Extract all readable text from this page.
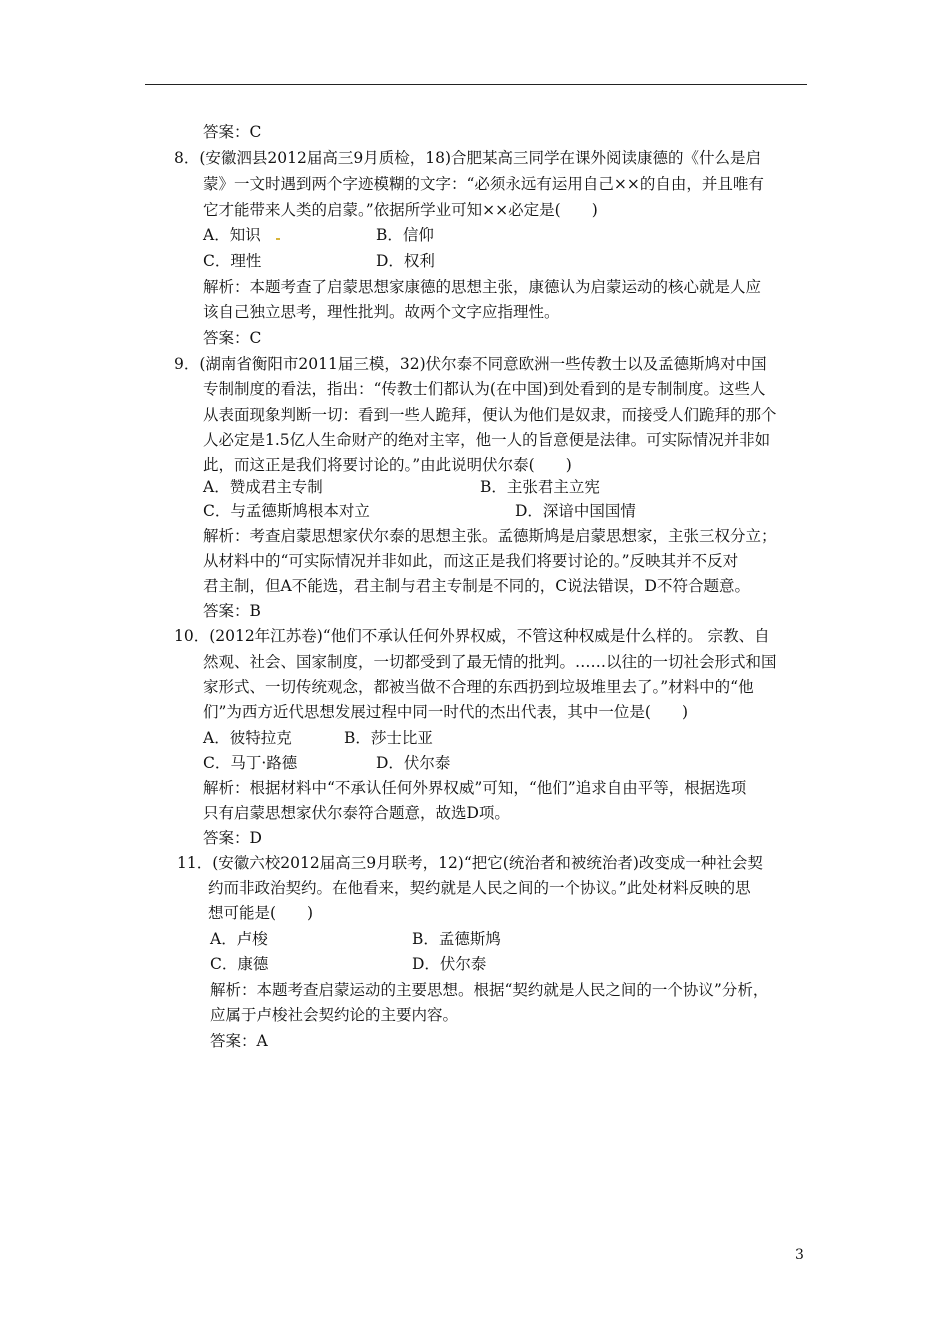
答案：C
8．(安徽泗县2012届高三9月质检，18)合肥某高三同学在课外阅读康德的《什么是启
蒙》一文时遇到两个字迹模糊的文字：“必须永远有运用自己××的自由，并且唯有
它才能带来人类的启蒙。”依据所学业可知××必定是(　　)
A．知识	B．信仰
C．理性	D．权利
解析：本题考查了启蒙思想家康德的思想主张，康德认为启蒙运动的核心就是人应
该自己独立思考，理性批判。故两个文字应指理性。
答案：C
9．(湖南省衡阳市2011届三模，32)伏尔泰不同意欧洲一些传教士以及孟德斯鸠对中国
专制制度的看法，指出：“传教士们都认为(在中国)到处看到的是专制制度。这些人
从表面现象判断一切：看到一些人跪拜，便认为他们是奴隶，而接受人们跪拜的那个
人必定是1.5亿人生命财产的绝对主宰，他一人的旨意便是法律。可实际情况并非如
此，而这正是我们将要讨论的。”由此说明伏尔泰(　　)
A．赞成君主专制	B．主张君主立宪
C．与孟德斯鸠根本对立	D．深谙中国国情
解析：考查启蒙思想家伏尔泰的思想主张。孟德斯鸠是启蒙思想家，主张三权分立；
从材料中的“可实际情况并非如此，而这正是我们将要讨论的。”反映其并不反对
君主制，但A不能选，君主制与君主专制是不同的，C说法错误，D不符合题意。
答案：B
10．(2012年江苏卷)“他们不承认任何外界权威，不管这种权威是什么样的。 宗教、自
然观、社会、国家制度，一切都受到了最无情的批判。……以往的一切社会形式和国
家形式、一切传统观念，都被当做不合理的东西扔到垃圾堆里去了。”材料中的“他
们”为西方近代思想发展过程中同一时代的杰出代表，其中一位是(　　)
A．彼特拉克	B．莎士比亚
C．马丁·路德	D．伏尔泰
解析：根据材料中“不承认任何外界权威”可知，“他们”追求自由平等，根据选项
只有启蒙思想家伏尔泰符合题意，故选D项。
答案：D
11．(安徽六校2012届高三9月联考，12)“把它(统治者和被统治者)改变成一种社会契
约而非政治契约。在他看来，契约就是人民之间的一个协议。”此处材料反映的思
想可能是(　　)
A．卢梭	B．孟德斯鸠
C．康德	D．伏尔泰
解析：本题考查启蒙运动的主要思想。根据“契约就是人民之间的一个协议”分析，
应属于卢梭社会契约论的主要内容。
答案：A
3
